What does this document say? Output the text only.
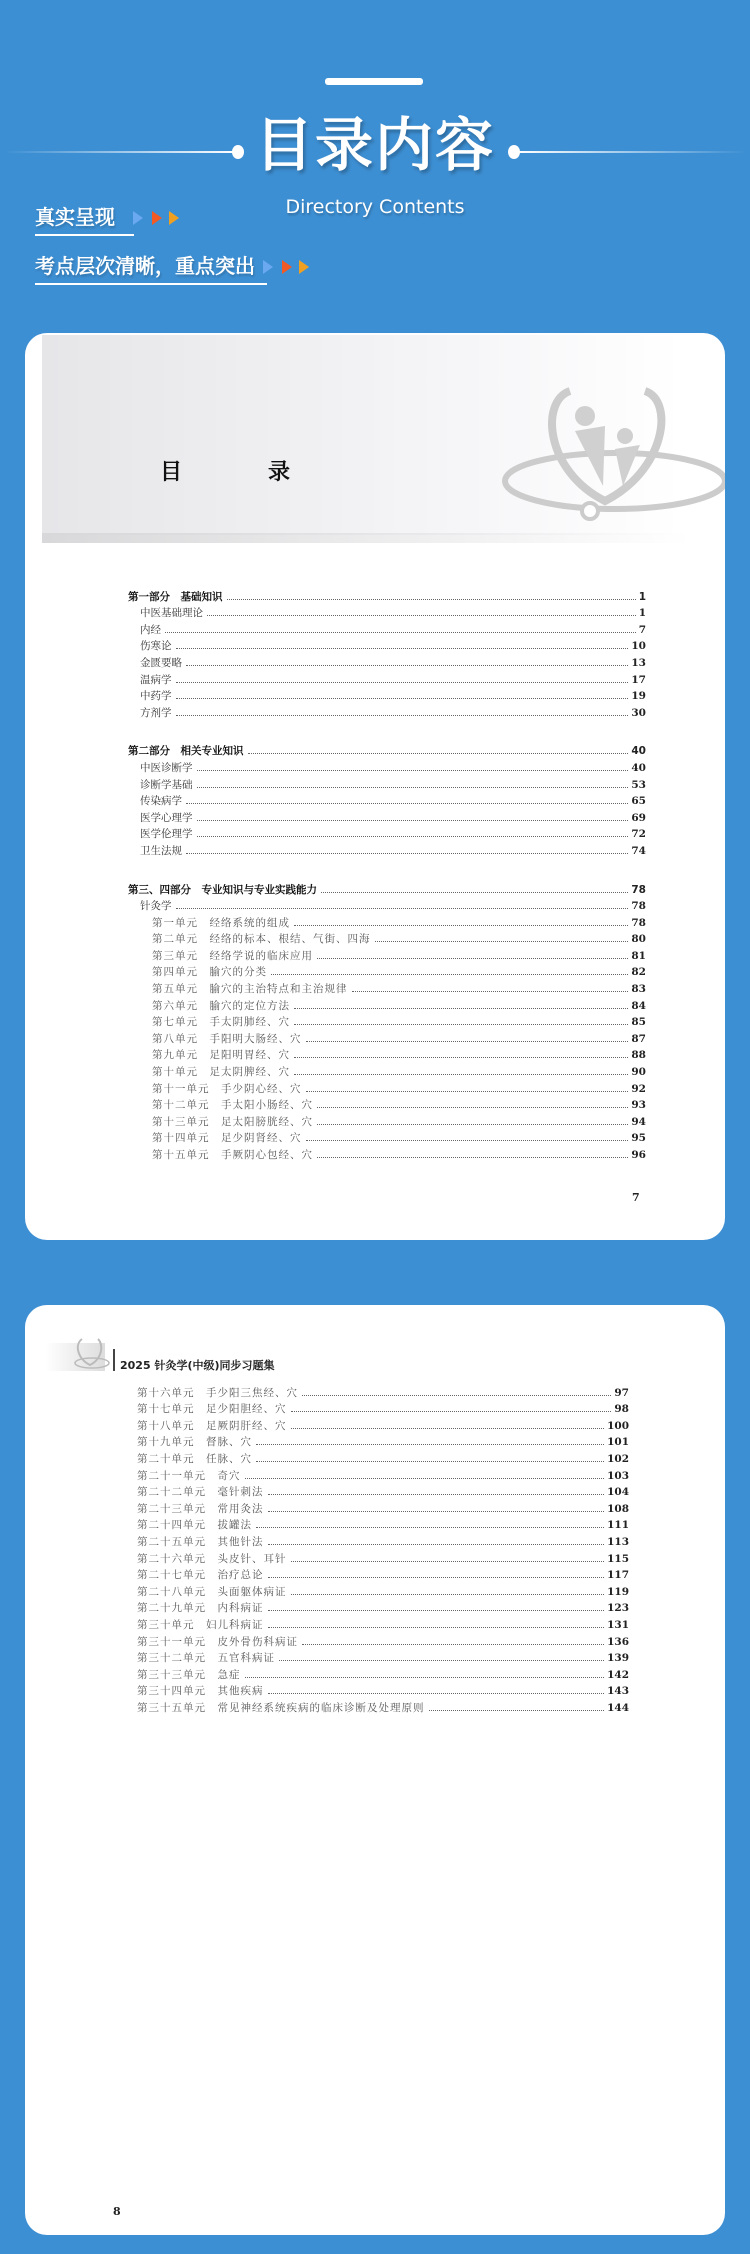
目录内容
Directory Contents
真实呈现
考点层次清晰，重点突出
目　录
第一部分　基础知识	1
中医基础理论	1
内经	7
伤寒论	10
金匮要略	13
温病学	17
中药学	19
方剂学	30
第二部分　相关专业知识	40
中医诊断学	40
诊断学基础	53
传染病学	65
医学心理学	69
医学伦理学	72
卫生法规	74
第三、四部分　专业知识与专业实践能力	78
针灸学	78
第一单元　经络系统的组成	78
第二单元　经络的标本、根结、气街、四海	80
第三单元　经络学说的临床应用	81
第四单元　腧穴的分类	82
第五单元　腧穴的主治特点和主治规律	83
第六单元　腧穴的定位方法	84
第七单元　手太阴肺经、穴	85
第八单元　手阳明大肠经、穴	87
第九单元　足阳明胃经、穴	88
第十单元　足太阴脾经、穴	90
第十一单元　手少阴心经、穴	92
第十二单元　手太阳小肠经、穴	93
第十三单元　足太阳膀胱经、穴	94
第十四单元　足少阴肾经、穴	95
第十五单元　手厥阴心包经、穴	96
7
2025 针灸学(中级)同步习题集
第十六单元　手少阳三焦经、穴	97
第十七单元　足少阳胆经、穴	98
第十八单元　足厥阴肝经、穴	100
第十九单元　督脉、穴	101
第二十单元　任脉、穴	102
第二十一单元　奇穴	103
第二十二单元　毫针刺法	104
第二十三单元　常用灸法	108
第二十四单元　拔罐法	111
第二十五单元　其他针法	113
第二十六单元　头皮针、耳针	115
第二十七单元　治疗总论	117
第二十八单元　头面躯体病证	119
第二十九单元　内科病证	123
第三十单元　妇儿科病证	131
第三十一单元　皮外骨伤科病证	136
第三十二单元　五官科病证	139
第三十三单元　急症	142
第三十四单元　其他疾病	143
第三十五单元　常见神经系统疾病的临床诊断及处理原则	144
8
